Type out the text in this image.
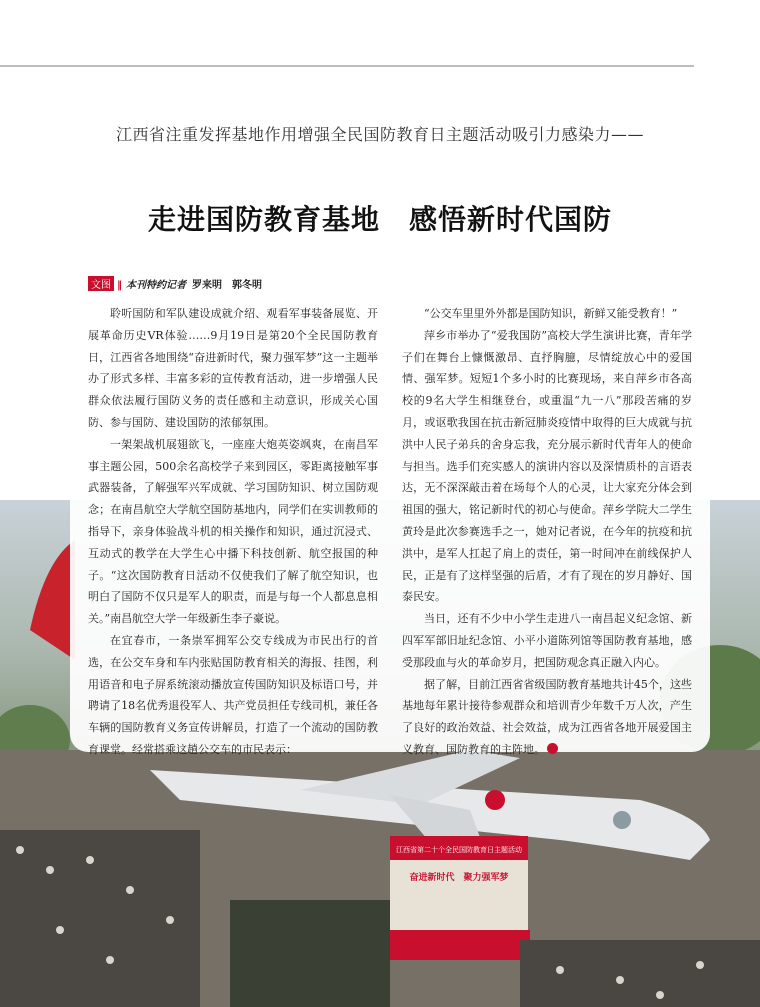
江西省注重发挥基地作用增强全民国防教育日主题活动吸引力感染力——
走进国防教育基地　感悟新时代国防
江西省第二十个全民国防教育日主题活动
奋进新时代　聚力强军梦
文图 ‖ 本刊特约记者 罗来明　郭冬明

聆听国防和军队建设成就介绍、观看军事装备展览、开展革命历史VR体验……9月19日是第20个全民国防教育日，江西省各地围绕“奋进新时代，聚力强军梦”这一主题举办了形式多样、丰富多彩的宣传教育活动，进一步增强人民群众依法履行国防义务的责任感和主动意识，形成关心国防、参与国防、建设国防的浓郁氛围。

一架架战机展翅欲飞，一座座大炮英姿飒爽，在南昌军事主题公园，500余名高校学子来到园区，零距离接触军事武器装备，了解强军兴军成就、学习国防知识、树立国防观念；在南昌航空大学航空国防基地内，同学们在实训教师的指导下，亲身体验战斗机的相关操作和知识，通过沉浸式、互动式的教学在大学生心中播下科技创新、航空报国的种子。“这次国防教育日活动不仅使我们了解了航空知识，也明白了国防不仅只是军人的职责，而是与每一个人都息息相关。”南昌航空大学一年级新生李子豪说。

在宜春市，一条崇军拥军公交专线成为市民出行的首选，在公交车身和车内张贴国防教育相关的海报、挂图，利用语音和电子屏系统滚动播放宣传国防知识及标语口号，并聘请了18名优秀退役军人、共产党员担任专线司机，兼任各车辆的国防教育义务宣传讲解员，打造了一个流动的国防教育课堂。经常搭乘这趟公交车的市民表示：

“公交车里里外外都是国防知识，新鲜又能受教育！”

萍乡市举办了“爱我国防”高校大学生演讲比赛，青年学子们在舞台上慷慨激昂、直抒胸臆，尽情绽放心中的爱国情、强军梦。短短1个多小时的比赛现场，来自萍乡市各高校的9名大学生相继登台，或重温“九一八”那段苦痛的岁月，或讴歌我国在抗击新冠肺炎疫情中取得的巨大成就与抗洪中人民子弟兵的舍身忘我，充分展示新时代青年人的使命与担当。选手们充实感人的演讲内容以及深情质朴的言语表达，无不深深敲击着在场每个人的心灵，让大家充分体会到祖国的强大，铭记新时代的初心与使命。萍乡学院大二学生黄玲是此次参赛选手之一，她对记者说，在今年的抗疫和抗洪中，是军人扛起了肩上的责任，第一时间冲在前线保护人民，正是有了这样坚强的后盾，才有了现在的岁月静好、国泰民安。

当日，还有不少中小学生走进八一南昌起义纪念馆、新四军军部旧址纪念馆、小平小道陈列馆等国防教育基地，感受那段血与火的革命岁月，把国防观念真正融入内心。

据了解，目前江西省省级国防教育基地共计45个，这些基地每年累计接待参观群众和培训青少年数千万人次，产生了良好的政治效益、社会效益，成为江西省各地开展爱国主义教育、国防教育的主阵地。
